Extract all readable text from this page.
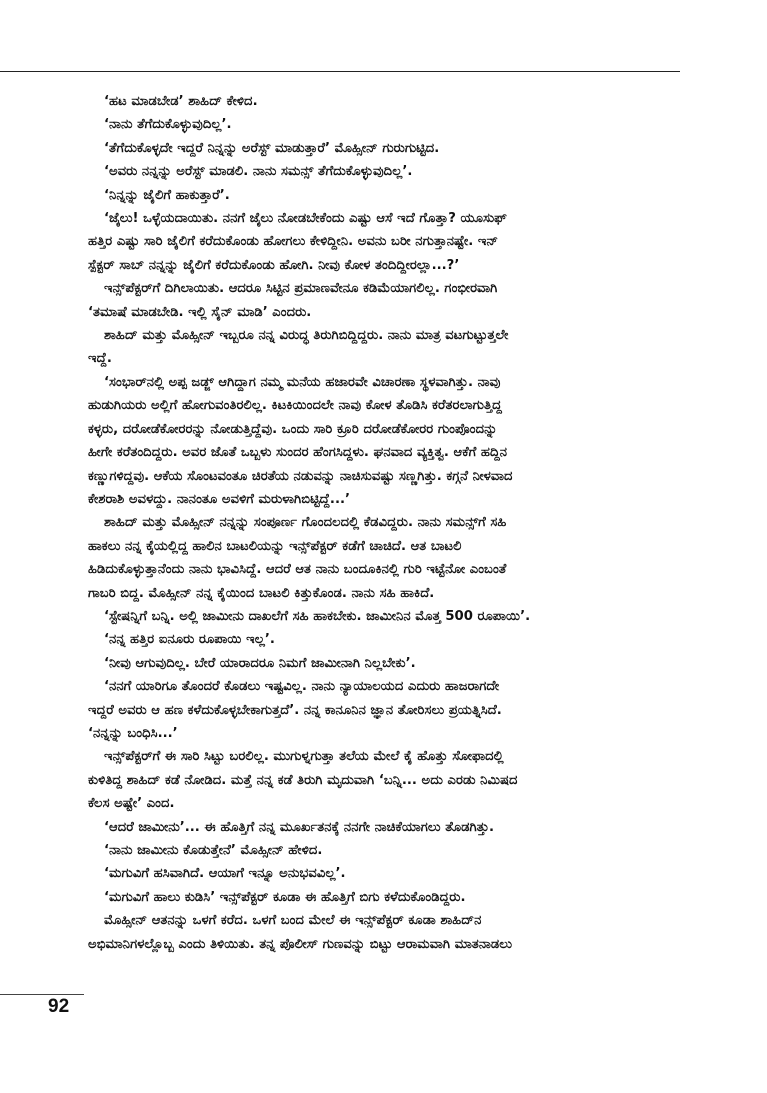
‘ಹಟ ಮಾಡಬೇಡ’ ಶಾಹಿದ್ ಕೇಳಿದ.
‘ನಾನು ತೆಗೆದುಕೊಳ್ಳುವುದಿಲ್ಲ’.
‘ತೆಗೆದುಕೊಳ್ಳದೇ ಇದ್ದರೆ ನಿನ್ನನ್ನು ಅರೆಸ್ಟ್ ಮಾಡುತ್ತಾರೆ’ ಮೊಹ್ಸೀನ್ ಗುರುಗುಟ್ಟಿದ.
‘ಅವರು ನನ್ನನ್ನು ಅರೆಸ್ಟ್ ಮಾಡಲಿ. ನಾನು ಸಮನ್ಸ್ ತೆಗೆದುಕೊಳ್ಳುವುದಿಲ್ಲ’.
‘ನಿನ್ನನ್ನು ಜೈಲಿಗೆ ಹಾಕುತ್ತಾರೆ’.
‘ಜೈಲು! ಒಳ್ಳೆಯದಾಯಿತು. ನನಗೆ ಜೈಲು ನೋಡಬೇಕೆಂದು ಎಷ್ಟು ಆಸೆ ಇದೆ ಗೊತ್ತಾ? ಯೂಸುಫ್
ಹತ್ತಿರ ಎಷ್ಟು ಸಾರಿ ಜೈಲಿಗೆ ಕರೆದುಕೊಂಡು ಹೋಗಲು ಕೇಳಿದ್ದೀನಿ. ಅವನು ಬರೀ ನಗುತ್ತಾನಷ್ಟೇ. ಇನ್
ಸ್ಪೆಕ್ಟರ್ ಸಾಬ್ ನನ್ನನ್ನು ಜೈಲಿಗೆ ಕರೆದುಕೊಂಡು ಹೋಗಿ. ನೀವು ಕೋಳ ತಂದಿದ್ದೀರಲ್ಲಾ...?’
ಇನ್ಸ್‌ಪೆಕ್ಟರ್‌ಗೆ ದಿಗಿಲಾಯಿತು. ಆದರೂ ಸಿಟ್ಟಿನ ಪ್ರಮಾಣವೇನೂ ಕಡಿಮೆಯಾಗಲಿಲ್ಲ. ಗಂಭೀರವಾಗಿ
‘ತಮಾಷೆ ಮಾಡಬೇಡಿ. ಇಲ್ಲಿ ಸೈನ್ ಮಾಡಿ’ ಎಂದರು.
ಶಾಹಿದ್ ಮತ್ತು ಮೊಹ್ಸೀನ್ ಇಬ್ಬರೂ ನನ್ನ ವಿರುದ್ಧ ತಿರುಗಿಬಿದ್ದಿದ್ದರು. ನಾನು ಮಾತ್ರ ವಟಗುಟ್ಟುತ್ತಲೇ
ಇದ್ದೆ.
‘ಸಂಭಾರ್‌ನಲ್ಲಿ ಅಪ್ಪ ಜಡ್ಜ್ ಆಗಿದ್ದಾಗ ನಮ್ಮ ಮನೆಯ ಹಜಾರವೇ ವಿಚಾರಣಾ ಸ್ಥಳವಾಗಿತ್ತು. ನಾವು
ಹುಡುಗಿಯರು ಅಲ್ಲಿಗೆ ಹೋಗುವಂತಿರಲಿಲ್ಲ. ಕಿಟಕಿಯಿಂದಲೇ ನಾವು ಕೋಳ ತೊಡಿಸಿ ಕರೆತರಲಾಗುತ್ತಿದ್ದ
ಕಳ್ಳರು, ದರೋಡೆಕೋರರನ್ನು ನೋಡುತ್ತಿದ್ದೆವು. ಒಂದು ಸಾರಿ ಕ್ರೂರಿ ದರೋಡೆಕೋರರ ಗುಂಪೊಂದನ್ನು
ಹೀಗೇ ಕರೆತಂದಿದ್ದರು. ಅವರ ಜೊತೆ ಒಬ್ಬಳು ಸುಂದರ ಹೆಂಗಸಿದ್ದಳು. ಘನವಾದ ವ್ಯಕ್ತಿತ್ವ. ಆಕೆಗೆ ಹದ್ದಿನ
ಕಣ್ಣುಗಳಿದ್ದವು. ಆಕೆಯ ಸೊಂಟವಂತೂ ಚಿರತೆಯ ನಡುವನ್ನು ನಾಚಿಸುವಷ್ಟು ಸಣ್ಣಗಿತ್ತು. ಕಗ್ಗನೆ ನೀಳವಾದ
ಕೇಶರಾಶಿ ಅವಳದ್ದು. ನಾನಂತೂ ಅವಳಿಗೆ ಮರುಳಾಗಿಬಿಟ್ಟಿದ್ದೆ...’
ಶಾಹಿದ್ ಮತ್ತು ಮೊಹ್ಸೀನ್ ನನ್ನನ್ನು ಸಂಪೂರ್ಣ ಗೊಂದಲದಲ್ಲಿ ಕೆಡವಿದ್ದರು. ನಾನು ಸಮನ್ಸ್‌ಗೆ ಸಹಿ
ಹಾಕಲು ನನ್ನ ಕೈಯಲ್ಲಿದ್ದ ಹಾಲಿನ ಬಾಟಲಿಯನ್ನು ಇನ್ಸ್‌ಪೆಕ್ಟರ್ ಕಡೆಗೆ ಚಾಚಿದೆ. ಆತ ಬಾಟಲಿ
ಹಿಡಿದುಕೊಳ್ಳುತ್ತಾನೆಂದು ನಾನು ಭಾವಿಸಿದ್ದೆ. ಆದರೆ ಆತ ನಾನು ಬಂದೂಕಿನಲ್ಲಿ ಗುರಿ ಇಟ್ಟೆನೋ ಎಂಬಂತೆ
ಗಾಬರಿ ಬಿದ್ದ. ಮೊಹ್ಸೀನ್ ನನ್ನ ಕೈಯಿಂದ ಬಾಟಲಿ ಕಿತ್ತುಕೊಂಡ. ನಾನು ಸಹಿ ಹಾಕಿದೆ.
‘ಸ್ಟೇಷನ್ನಿಗೆ ಬನ್ನಿ. ಅಲ್ಲಿ ಜಾಮೀನು ದಾಖಲೆಗೆ ಸಹಿ ಹಾಕಬೇಕು. ಜಾಮೀನಿನ ಮೊತ್ತ 500 ರೂಪಾಯಿ’.
‘ನನ್ನ ಹತ್ತಿರ ಐನೂರು ರೂಪಾಯಿ ಇಲ್ಲ’.
‘ನೀವು ಆಗುವುದಿಲ್ಲ. ಬೇರೆ ಯಾರಾದರೂ ನಿಮಗೆ ಜಾಮೀನಾಗಿ ನಿಲ್ಲಬೇಕು’.
‘ನನಗೆ ಯಾರಿಗೂ ತೊಂದರೆ ಕೊಡಲು ಇಷ್ಟವಿಲ್ಲ. ನಾನು ನ್ಯಾಯಾಲಯದ ಎದುರು ಹಾಜರಾಗದೇ
ಇದ್ದರೆ ಅವರು ಆ ಹಣ ಕಳೆದುಕೊಳ್ಳಬೇಕಾಗುತ್ತದೆ’. ನನ್ನ ಕಾನೂನಿನ ಜ್ಞಾನ ತೋರಿಸಲು ಪ್ರಯತ್ನಿಸಿದೆ.
‘ನನ್ನನ್ನು ಬಂಧಿಸಿ...’
ಇನ್ಸ್‌ಪೆಕ್ಟರ್‌ಗೆ ಈ ಸಾರಿ ಸಿಟ್ಟು ಬರಲಿಲ್ಲ. ಮುಗುಳ್ನಗುತ್ತಾ ತಲೆಯ ಮೇಲೆ ಕೈ ಹೊತ್ತು ಸೋಫಾದಲ್ಲಿ
ಕುಳಿತಿದ್ದ ಶಾಹಿದ್ ಕಡೆ ನೋಡಿದ. ಮತ್ತೆ ನನ್ನ ಕಡೆ ತಿರುಗಿ ಮೃದುವಾಗಿ ‘ಬನ್ನಿ... ಅದು ಎರಡು ನಿಮಿಷದ
ಕೆಲಸ ಅಷ್ಟೇ’ ಎಂದ.
‘ಆದರೆ ಜಾಮೀನು’... ಈ ಹೊತ್ತಿಗೆ ನನ್ನ ಮೂರ್ಖತನಕ್ಕೆ ನನಗೇ ನಾಚಿಕೆಯಾಗಲು ತೊಡಗಿತ್ತು.
‘ನಾನು ಜಾಮೀನು ಕೊಡುತ್ತೇನೆ’ ಮೊಹ್ಸೀನ್ ಹೇಳಿದ.
‘ಮಗುವಿಗೆ ಹಸಿವಾಗಿದೆ. ಆಯಾಗೆ ಇನ್ನೂ ಅನುಭವವಿಲ್ಲ’.
‘ಮಗುವಿಗೆ ಹಾಲು ಕುಡಿಸಿ’ ಇನ್ಸ್‌ಪೆಕ್ಟರ್ ಕೂಡಾ ಈ ಹೊತ್ತಿಗೆ ಬಿಗು ಕಳೆದುಕೊಂಡಿದ್ದರು.
ಮೊಹ್ಸೀನ್ ಆತನನ್ನು ಒಳಗೆ ಕರೆದ. ಒಳಗೆ ಬಂದ ಮೇಲೆ ಈ ಇನ್ಸ್‌ಪೆಕ್ಟರ್ ಕೂಡಾ ಶಾಹಿದ್‌ನ
ಅಭಿಮಾನಿಗಳಲ್ಲೊಬ್ಬ ಎಂದು ತಿಳಿಯಿತು. ತನ್ನ ಪೊಲೀಸ್ ಗುಣವನ್ನು ಬಿಟ್ಟು ಆರಾಮವಾಗಿ ಮಾತನಾಡಲು
92
